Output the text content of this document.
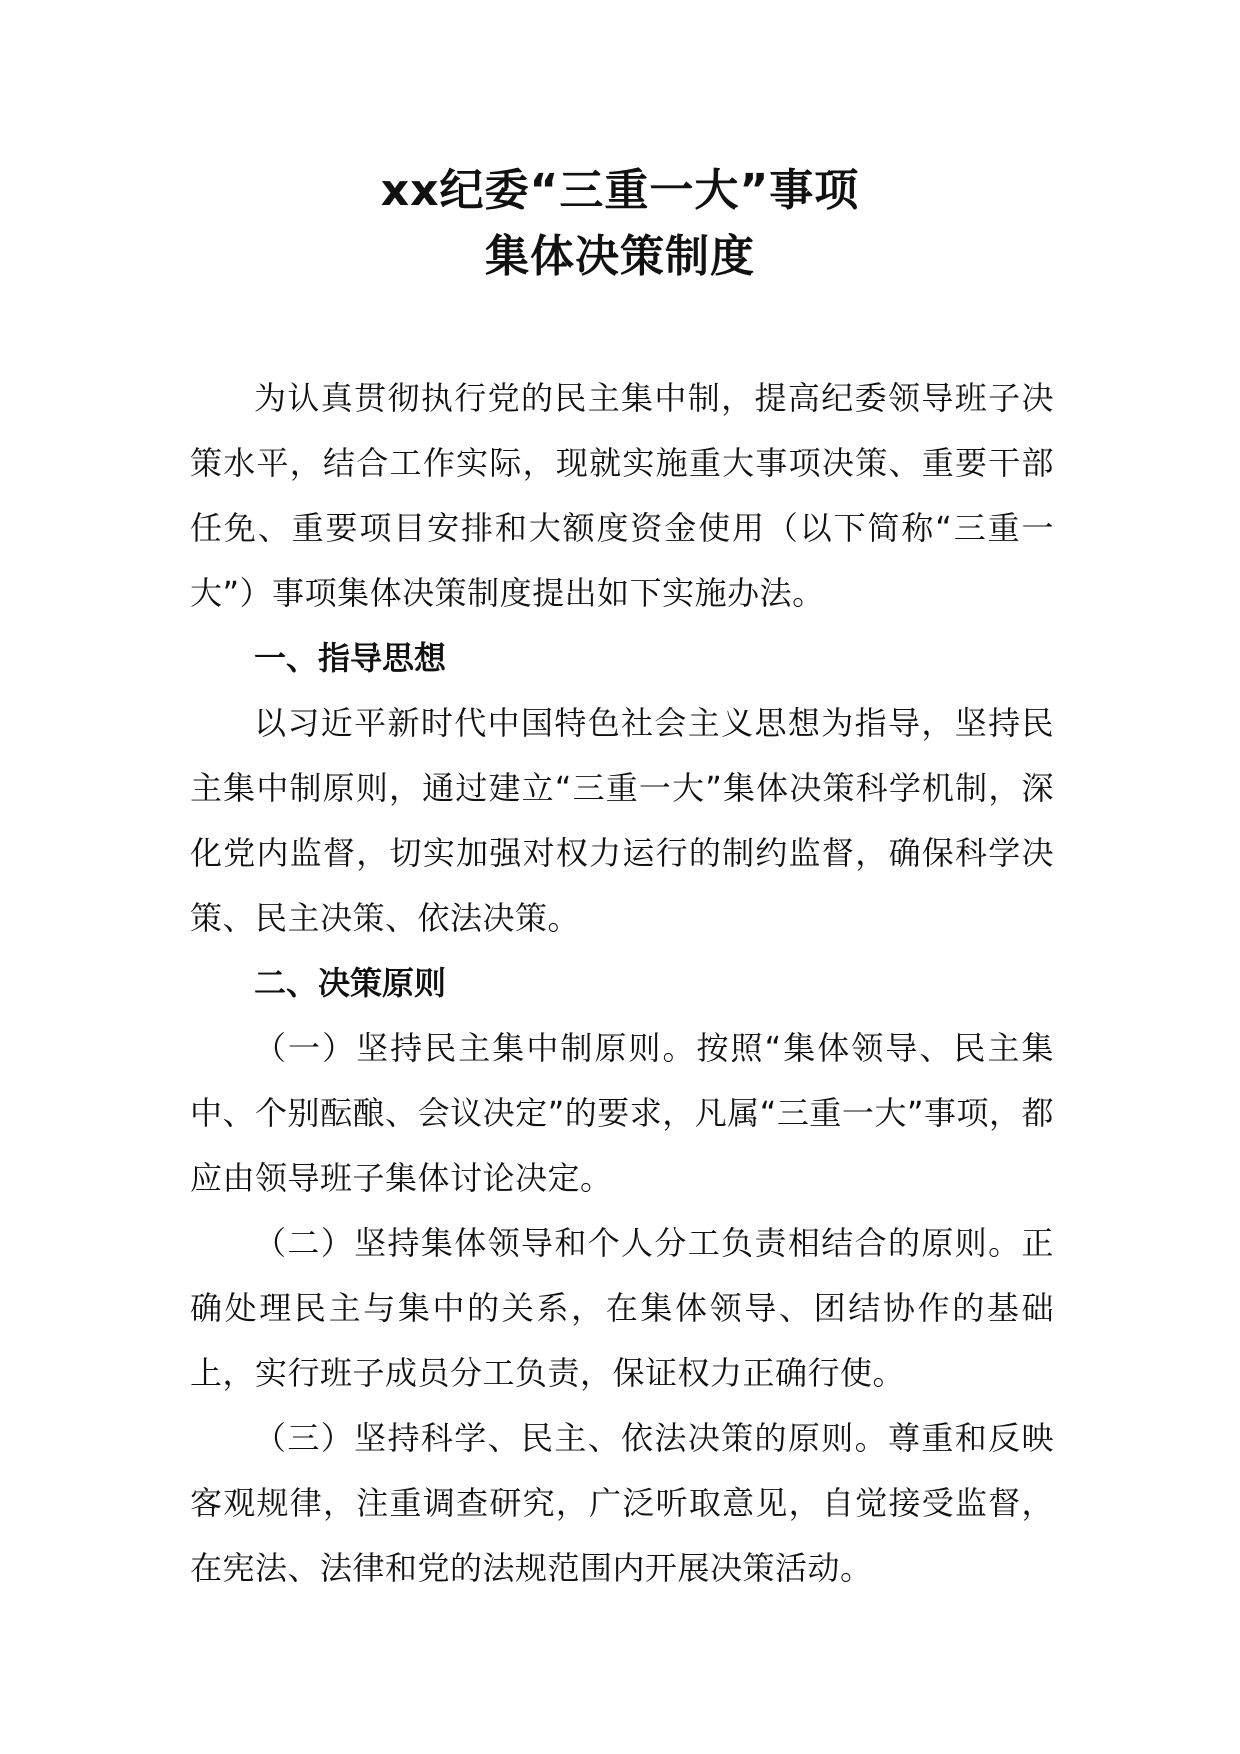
xx纪委“三重一大”事项
集体决策制度

为认真贯彻执行党的民主集中制，提高纪委领导班子决策水平，结合工作实际，现就实施重大事项决策、重要干部任免、重要项目安排和大额度资金使用（以下简称“三重一大”）事项集体决策制度提出如下实施办法。

一、指导思想

以习近平新时代中国特色社会主义思想为指导，坚持民主集中制原则，通过建立“三重一大”集体决策科学机制，深化党内监督，切实加强对权力运行的制约监督，确保科学决策、民主决策、依法决策。

二、决策原则

（一）坚持民主集中制原则。按照“集体领导、民主集中、个别酝酿、会议决定”的要求，凡属“三重一大”事项，都应由领导班子集体讨论决定。

（二）坚持集体领导和个人分工负责相结合的原则。正确处理民主与集中的关系，在集体领导、团结协作的基础上，实行班子成员分工负责，保证权力正确行使。

（三）坚持科学、民主、依法决策的原则。尊重和反映客观规律，注重调查研究，广泛听取意见，自觉接受监督，在宪法、法律和党的法规范围内开展决策活动。
